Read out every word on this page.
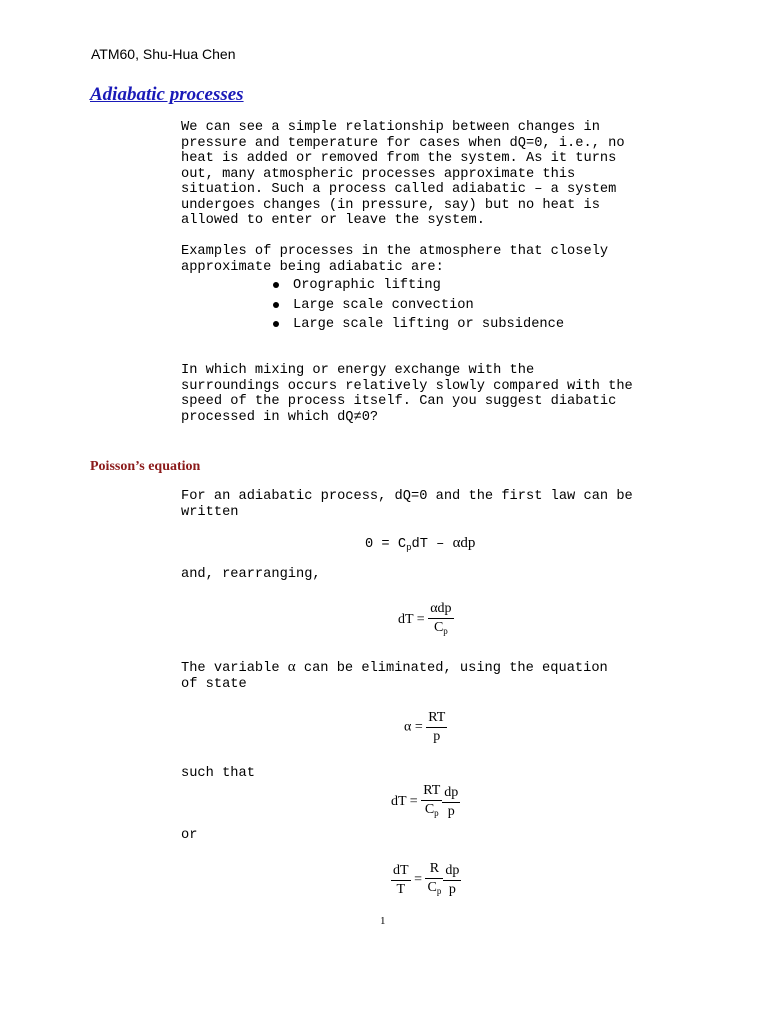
ATM60, Shu-Hua Chen
Adiabatic processes
We can see a simple relationship between changes in
pressure and temperature for cases when dQ=0, i.e., no
heat is added or removed from the system. As it turns
out, many atmospheric processes approximate this
situation. Such a process called adiabatic – a system
undergoes changes (in pressure, say) but no heat is
allowed to enter or leave the system.
Examples of processes in the atmosphere that closely
approximate being adiabatic are:
Orographic lifting
Large scale convection
Large scale lifting or subsidence
In which mixing or energy exchange with the
surroundings occurs relatively slowly compared with the
speed of the process itself. Can you suggest diabatic
processed in which dQ≠0?
Poisson’s equation
For an adiabatic process, dQ=0 and the first law can be
written
$0 = C_pdT - \alpha dp$
and, rearranging,
dT = $\frac{\text{αdp}}{C_p}$
The variable α can be eliminated, using the equation
of state
$\alpha = \frac{RT}{p}$
such that
dT = $\frac{RT}{C_p} \frac{dp}{p}$
or
$\frac{dT}{T} = \frac{R}{C_p} \frac{dp}{p}$
1
